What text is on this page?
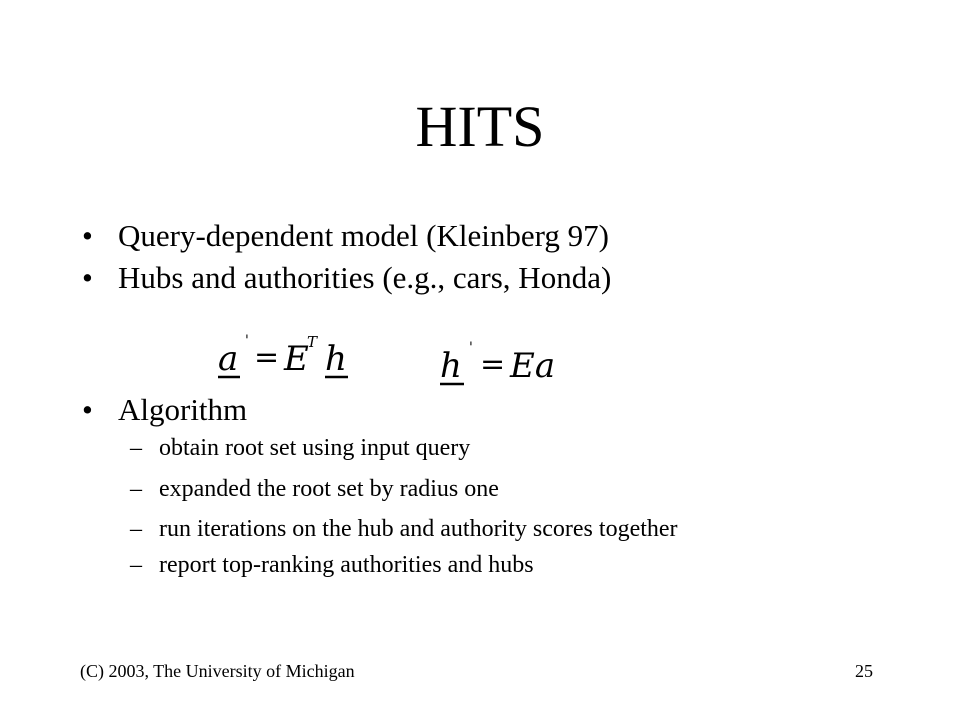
HITS
• Query-dependent model (Kleinberg 97)
• Hubs and authorities (e.g., cars, Honda)
a ' = E
T h	h ' = Ea
• Algorithm
– obtain root set using input query
– expanded the root set by radius one
– run iterations on the hub and authority scores together
– report top-ranking authorities and hubs
(C) 2003, The University of Michigan	25
